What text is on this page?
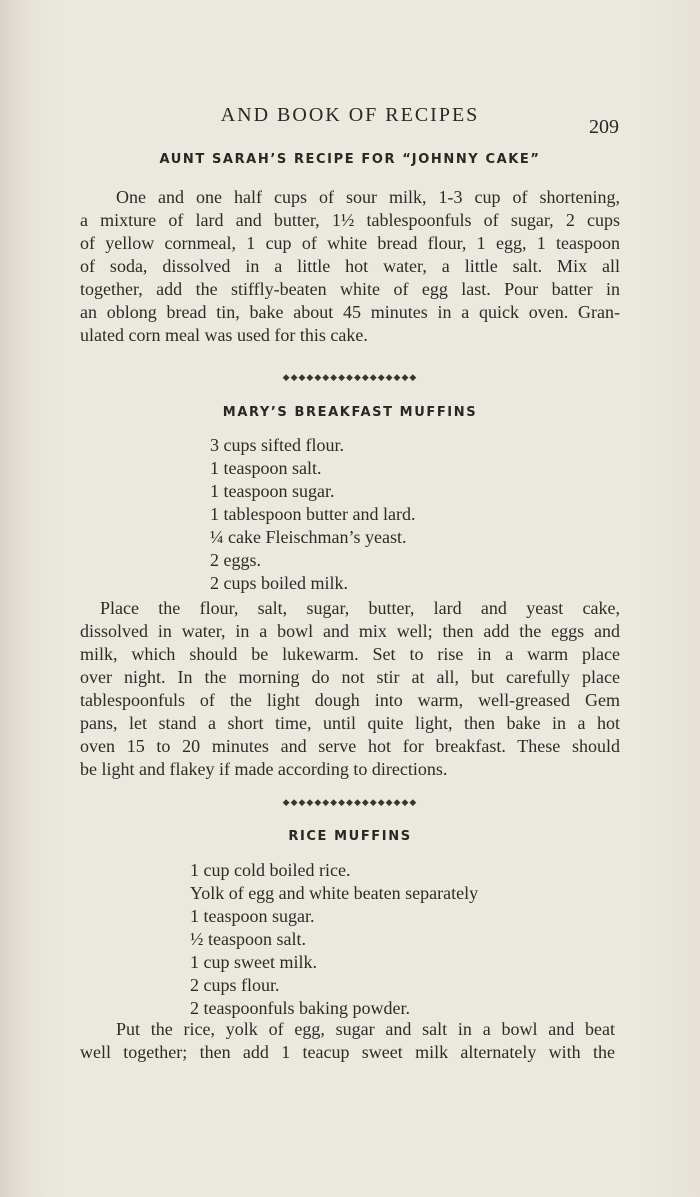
AND BOOK OF RECIPES
209
AUNT SARAH’S RECIPE FOR “JOHNNY CAKE”
One and one half cups of sour milk, 1-3 cup of shortening,
a mixture of lard and butter, 1½ tablespoonfuls of sugar, 2 cups
of yellow cornmeal, 1 cup of white bread flour, 1 egg, 1 teaspoon
of soda, dissolved in a little hot water, a little salt. Mix all
together, add the stiffly-beaten white of egg last. Pour batter in
an oblong bread tin, bake about 45 minutes in a quick oven. Gran-
ulated corn meal was used for this cake.
◆◆◆◆◆◆◆◆◆◆◆◆◆◆◆◆◆
MARY’S BREAKFAST MUFFINS
3 cups sifted flour.
1 teaspoon salt.
1 teaspoon sugar.
1 tablespoon butter and lard.
¼ cake Fleischman’s yeast.
2 eggs.
2 cups boiled milk.
Place the flour, salt, sugar, butter, lard and yeast cake,
dissolved in water, in a bowl and mix well; then add the eggs and
milk, which should be lukewarm. Set to rise in a warm place
over night. In the morning do not stir at all, but carefully place
tablespoonfuls of the light dough into warm, well-greased Gem
pans, let stand a short time, until quite light, then bake in a hot
oven 15 to 20 minutes and serve hot for breakfast. These should
be light and flakey if made according to directions.
◆◆◆◆◆◆◆◆◆◆◆◆◆◆◆◆◆
RICE MUFFINS
1 cup cold boiled rice.
Yolk of egg and white beaten separately
1 teaspoon sugar.
½ teaspoon salt.
1 cup sweet milk.
2 cups flour.
2 teaspoonfuls baking powder.
Put the rice, yolk of egg, sugar and salt in a bowl and beat
well together; then add 1 teacup sweet milk alternately with the
